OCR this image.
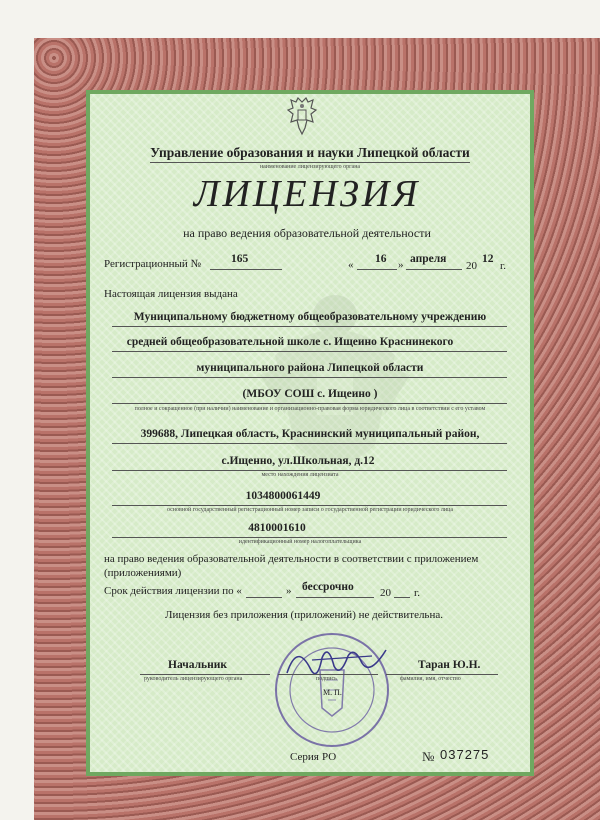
Управление образования и науки Липецкой области
наименование лицензирующего органа
ЛИЦЕНЗИЯ
на право ведения образовательной деятельности
Регистрационный №	165	« 16 » апреля
20
12
г.
Настоящая лицензия выдана
Муниципальному бюджетному общеобразовательному учреждению
средней общеобразовательной школе с. Ищеино Краснинекого
муниципального района Липецкой области
(МБОУ СОШ с. Ищеино )
полное и сокращенное (при наличии) наименование и организационно-правовая форма юридического лица в соответствии с его уставом
399688, Липецкая область, Краснинский муниципальный район,
с.Ищенно, ул.Школьная, д.12
место нахождения лицензиата
1034800061449
основной государственный регистрационный номер записи о государственной регистрации юридического лица
4810001610
идентификационный номер налогоплательщика
на право ведения образовательной деятельности в соответствии с приложением
(приложениями)
Срок действия лицензии по «	» бессрочно 20 г.
Лицензия без приложения (приложений) не действительна.
Начальник
руководитель лицензирующего органа	подпись
Таран Ю.Н.
фамилия, имя, отчество
М. П.
Серия РО	№ 037275
